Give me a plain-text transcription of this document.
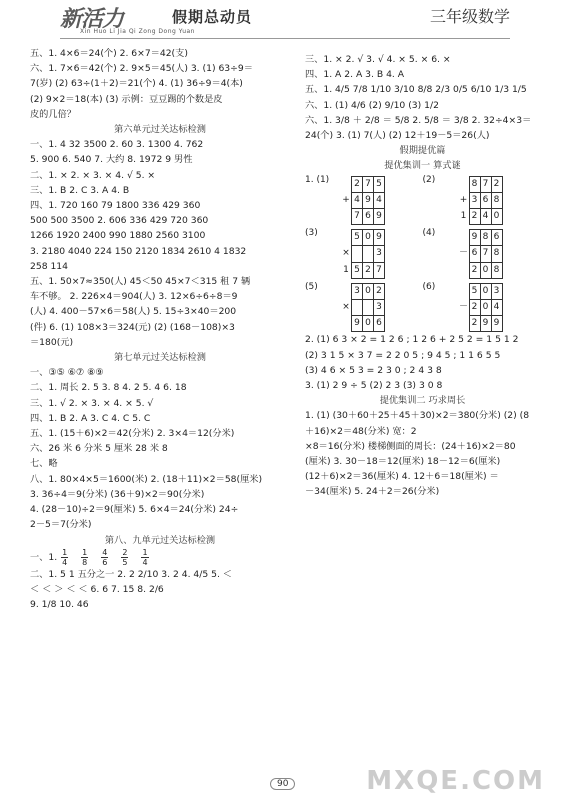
新活力	假期总动员
Xin Huo Li Jia Qi Zong Dong Yuan
三年级数学

五、1. 4×6＝24(个) 2. 6×7＝42(支)

六、1. 7×6＝42(个) 2. 9×5＝45(人) 3. (1) 63÷9＝

7(岁) (2) 63÷(1＋2)＝21(个) 4. (1) 36÷9＝4(本)

(2) 9×2＝18(本) (3) 示例：豆豆踢的个数是皮

皮的几倍？

第六单元过关达标检测

一、1. 4 32 3500 2. 60 3. 1300 4. 762

5. 900 6. 540 7. 大约 8. 1972 9 男性

二、1. × 2. × 3. × 4. √ 5. ×

三、1. B 2. C 3. A 4. B

四、1. 720 160 79 1800 336 429 360

500 500 3500 2. 606 336 429 720 360

1266 1920 2400 990 1880 2560 3100

3. 2180 4040 224 150 2120 1834 2610 4 1832

258 114

五、1. 50×7≈350(人) 45＜50 45×7＜315 租 7 辆

车不够。 2. 226×4＝904(人) 3. 12×6÷6÷8＝9

(人) 4. 400－57×6＝58(人) 5. 15÷3×40＝200

(件) 6. (1) 108×3＝324(元) (2) (168－108)×3

＝180(元)

第七单元过关达标检测

一、③⑤ ⑥⑦ ⑧⑨

二、1. 周长 2. 5 3. 8 4. 2 5. 4 6. 18

三、1. √ 2. × 3. × 4. × 5. √

四、1. B 2. A 3. C 4. C 5. C

五、1. (15＋6)×2＝42(分米) 2. 3×4＝12(分米)

六、26 米 6 分米 5 厘米 28 米 8

七、略

八、1. 80×4×5＝1600(米) 2. (18＋11)×2＝58(厘米)

3. 36÷4＝9(分米) (36＋9)×2＝90(分米)

4. (28－10)÷2＝9(厘米) 5. 6×4＝24(分米) 24÷

2－5＝7(分米)

第八、九单元过关达标检测

一、1. $\frac{1}{4} \frac{1}{8} \frac{4}{6} \frac{2}{5} \frac{1}{4}$

二、1. 5 1 五分之一 2. 2 2/10 3. 2 4. 4/5 5. ＜

＜ ＜ ＞ ＜ ＜ 6. 6 7. 15 8. 2/6

9. 1/8 10. 46

三、1. × 2. √ 3. √ 4. × 5. × 6. ×

四、1. A 2. A 3. B 4. A

五、1. 4/5 7/8 1/10 3/10 8/8 2/3 0/5 6/10 1/3 1/5

六、1. (1) 4/6 (2) 9/10 (3) 1/2

六、1. 3/8 ＋ 2/8 ＝ 5/8 2. 5/8 ＝ 3/8 2. 32÷4×3＝

24(个) 3. (1) 7(人) (2) 12＋19－5＝26(人)

假期提优篇

提优集训一 算式谜

1. (1)
		2	7	5
+	4	9	4
	7	6	9
(2)
		8	7	2
+	3	6	8
1	2	4	0
(3)
		5	0	9
×			3
1	5	2	7
(4)
		9	8	6
－	6	7	8
	2	0	8
(5)
		3	0	2
×			3
	9	0	6
(6)
		5	0	3
－	2	0	4
	2	9	9

2. (1) 6 3 × 2 = 1 2 6 ; 1 2 6 + 2 5 2 = 1 5 1 2

(2) 3 1 5 × 3 7 = 2 2 0 5 ; 9 4 5 ; 1 1 6 5 5

(3) 4 6 × 5 3 = 2 3 0 ; 2 4 3 8

3. (1) 2 9 ÷ 5 (2) 2 3 (3) 3 0 8

提优集训二 巧求周长

1. (1) (30＋60＋25＋45＋30)×2＝380(分米) (2) (8

＋16)×2＝48(分米) 宽：2

×8＝16(分米) 楼梯侧面的周长：(24＋16)×2＝80

(厘米) 3. 30－18＝12(厘米) 18－12＝6(厘米)

(12＋6)×2＝36(厘米) 4. 12＋6＝18(厘米) ＝

－34(厘米) 5. 24＋2＝26(分米)

90	MXQE.COM
